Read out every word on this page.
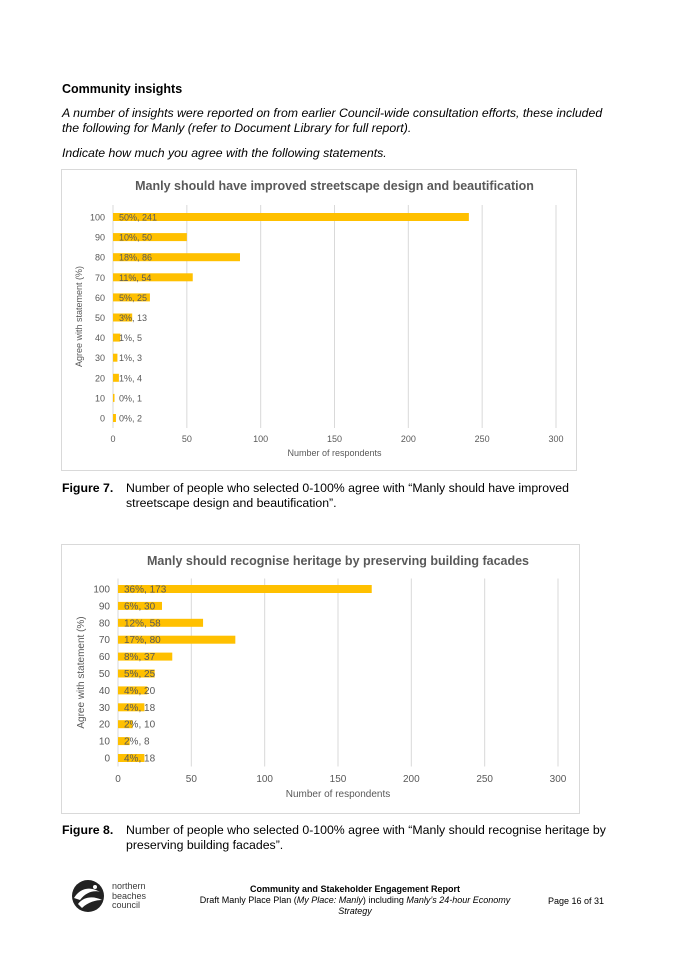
Community insights
A number of insights were reported on from earlier Council-wide consultation efforts, these included the following for Manly (refer to Document Library for full report).
Indicate how much you agree with the following statements.
Manly should have improved streetscape design and beautification
0	50	100	150	200	250	300
100 50%, 241
90 10%, 50
80 18%, 86
70 11%, 54
60 5%, 25
50 3%, 13
40 1%, 5
30 1%, 3
20 1%, 4
10 0%, 1
0 0%, 2
Number of respondents
Agree with statement (%)
Figure 7. Number of people who selected 0-100% agree with “Manly should have improved streetscape design and beautification”.
Manly should recognise heritage by preserving building facades
0	50	100	150	200	250	300
100 36%, 173
90 6%, 30
80 12%, 58
70 17%, 80
60 8%, 37
50 5%, 25
40 4%, 20
30 4%, 18
20 2%, 10
10 2%, 8
0 4%, 18
Number of respondents
Agree with statement (%)
Figure 8. Number of people who selected 0-100% agree with “Manly should recognise heritage by preserving building facades”.
northern
beaches
council
Community and Stakeholder Engagement Report
Draft Manly Place Plan (My Place: Manly) including Manly’s 24-hour Economy
Strategy
Page 16 of 31
